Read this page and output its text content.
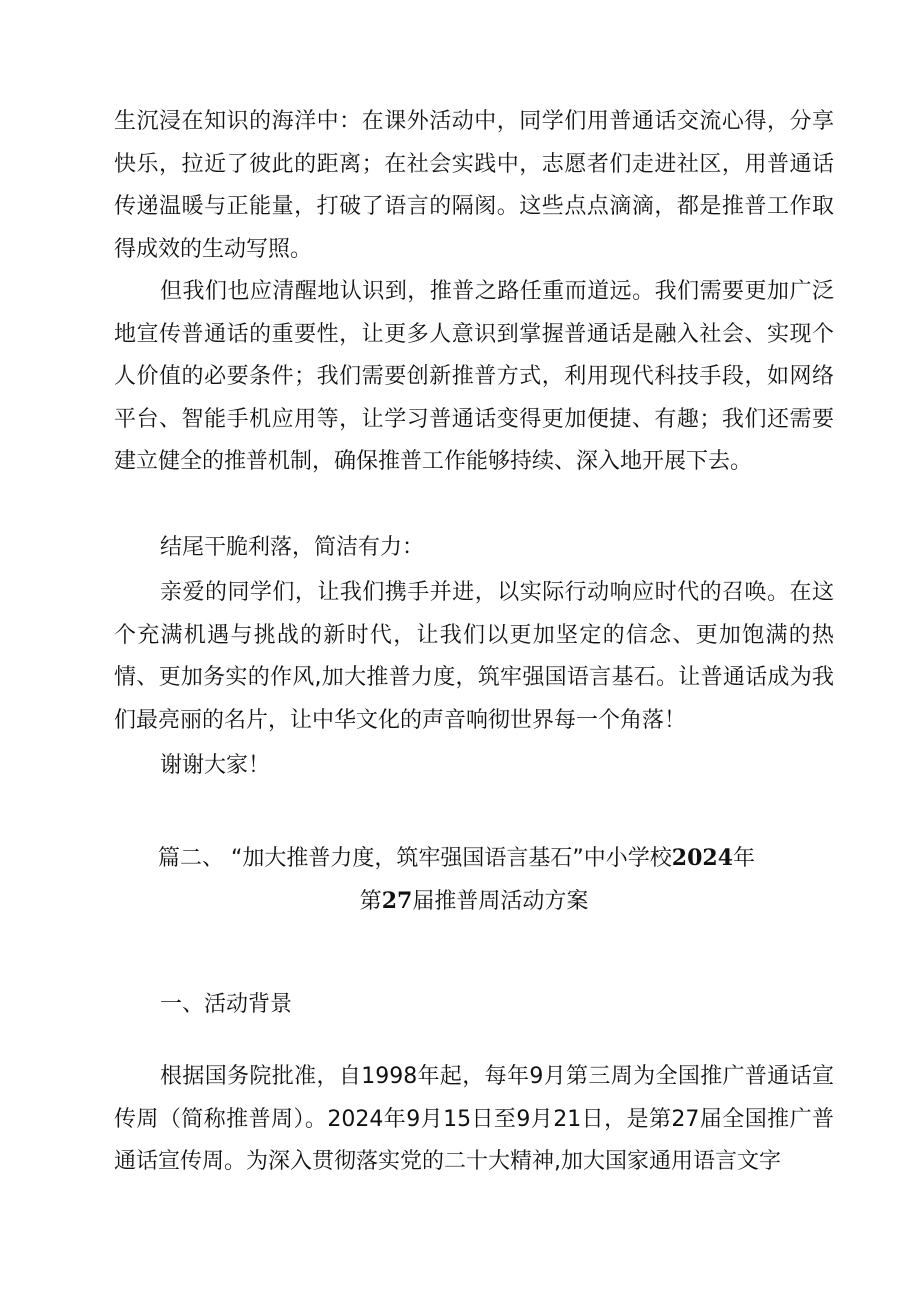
生沉浸在知识的海洋中：在课外活动中，同学们用普通话交流心得，分享快乐，拉近了彼此的距离；在社会实践中，志愿者们走进社区，用普通话传递温暖与正能量，打破了语言的隔阂。这些点点滴滴，都是推普工作取得成效的生动写照。

但我们也应清醒地认识到，推普之路任重而道远。我们需要更加广泛地宣传普通话的重要性，让更多人意识到掌握普通话是融入社会、实现个人价值的必要条件；我们需要创新推普方式，利用现代科技手段，如网络平台、智能手机应用等，让学习普通话变得更加便捷、有趣；我们还需要建立健全的推普机制，确保推普工作能够持续、深入地开展下去。

结尾干脆利落，简洁有力：

亲爱的同学们，让我们携手并进，以实际行动响应时代的召唤。在这个充满机遇与挑战的新时代，让我们以更加坚定的信念、更加饱满的热情、更加务实的作风,加大推普力度，筑牢强国语言基石。让普通话成为我们最亮丽的名片，让中华文化的声音响彻世界每一个角落！

谢谢大家！

篇二、 “加大推普力度，筑牢强国语言基石”中小学校2024年
第27届推普周活动方案

一、活动背景

根据国务院批准，自1998年起，每年9月第三周为全国推广普通话宣传周（简称推普周）。2024年9月15日至9月21日，是第27届全国推广普通话宣传周。为深入贯彻落实党的二十大精神,加大国家通用语言文字
